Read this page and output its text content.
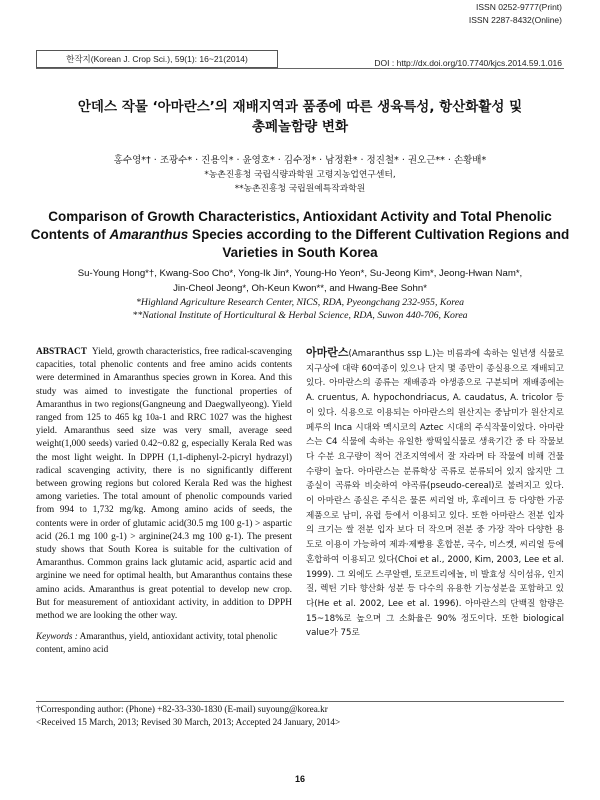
한작지(Korean J. Crop Sci.), 59(1): 16~21(2014)
ISSN 0252-9777(Print)
ISSN 2287-8432(Online)
DOI : http://dx.doi.org/10.7740/kjcs.2014.59.1.016
안데스 작물 ‘아마란스’의 재배지역과 품종에 따른 생육특성, 항산화활성 및
총페놀함량 변화
홍수영*† · 조광수* · 진용익* · 윤영호* · 김수정* · 남정환* · 정진철* · 권오근** · 손황배*
*농촌진흥청 국립식량과학원 고령지농업연구센터,
**농촌진흥청 국립원예특작과학원
Comparison of Growth Characteristics, Antioxidant Activity and Total Phenolic
Contents of Amaranthus Species according to the Different Cultivation Regions and
Varieties in South Korea
Su-Young Hong*†, Kwang-Soo Cho*, Yong-Ik Jin*, Young-Ho Yeon*, Su-Jeong Kim*, Jeong-Hwan Nam*,
Jin-Cheol Jeong*, Oh-Keun Kwon**, and Hwang-Bee Sohn*
*Highland Agriculture Research Center, NICS, RDA, Pyeongchang 232-955, Korea
**National Institute of Horticultural & Herbal Science, RDA, Suwon 440-706, Korea
ABSTRACT Yield, growth characteristics, free radical-scavenging capacities, total phenolic contents and free amino acids contents were determined in Amaranthus species grown in Korea. And this study was aimed to investigate the functional properties of Amaranthus in two regions(Gangneung and Daegwallyeong). Yield ranged from 125 to 465 kg 10a-1 and RRC 1027 was the highest yield. Amaranthus seed size was very small, average seed weight(1,000 seeds) varied 0.42~0.82 g, especially Kerala Red was the most light weight. In DPPH (1,1-diphenyl-2-picryl hydrazyl) radical scavenging activity, there is no significantly different between growing regions but colored Kerala Red was the highest among varieties. The total amount of phenolic compounds varied from 994 to 1,732 mg/kg. Among amino acids of seeds, the contents were in order of glutamic acid(30.5 mg 100 g-1) > aspartic acid (26.1 mg 100 g-1) > arginine(24.3 mg 100 g-1). The present study shows that South Korea is suitable for the cultivation of Amaranthus. Common grains lack glutamic acid, aspartic acid and arginine we need for optimal health, but Amaranthus contains these amino acids. Amaranthus is great potential to develop new crop. But for measurement of antioxidant activity, in addition to DPPH method we are looking the other way.
Keywords : Amaranthus, yield, antioxidant activity, total phenolic content, amino acid
아마란스(Amaranthus ssp L.)는 비름과에 속하는 일년생 식물로 지구상에 대략 60여종이 있으나 단지 몇 종만이 종실용으로 재배되고 있다. 아마란스의 종류는 재배종과 야생종으로 구분되며 재배종에는 A. cruentus, A. hypochondriacus, A. caudatus, A. tricolor 등이 있다. 식용으로 이용되는 아마란스의 원산지는 중남미가 원산지로 페루의 Inca 시대와 멕시코의 Aztec 시대의 주식작물이었다. 아마란스는 C4 식물에 속하는 유일한 쌍떡잎식물로 생육기간 중 타 작물보다 수분 요구량이 적어 건조지역에서 잘 자라며 타 작물에 비해 건물수량이 높다. 아마란스는 분류학상 곡류로 분류되어 있지 않지만 그 종실이 곡류와 비슷하여 야곡류(pseudo-cereal)로 불려지고 있다. 이 아마란스 종실은 주식은 물론 씨리얼 바, 후레이크 등 다양한 가공제품으로 남미, 유럽 등에서 이용되고 있다. 또한 아마란스 전분 입자의 크기는 쌀 전분 입자 보다 더 작으며 전분 중 가장 작아 다양한 용도로 이용이 가능하여 제과·제빵용 혼합분, 국수, 비스켓, 씨리얼 등에 혼합하여 이용되고 있다(Choi et al., 2000, Kim, 2003, Lee et al. 1999). 그 외에도 스쿠알렌, 토코트리에놀, 비 발효성 식이섬유, 인지질, 렉틴 기타 향산화 성분 등 다수의 유용한 기능성분을 포함하고 있다(He et al. 2002, Lee et al. 1996). 아마란스의 단백질 함량은 15~18%로 높으며 그 소화율은 90% 정도이다. 또한 biological value가 75로
†Corresponding author: (Phone) +82-33-330-1830 (E-mail) suyoung@korea.kr
<Received 15 March, 2013; Revised 30 March, 2013; Accepted 24 January, 2014>
16
